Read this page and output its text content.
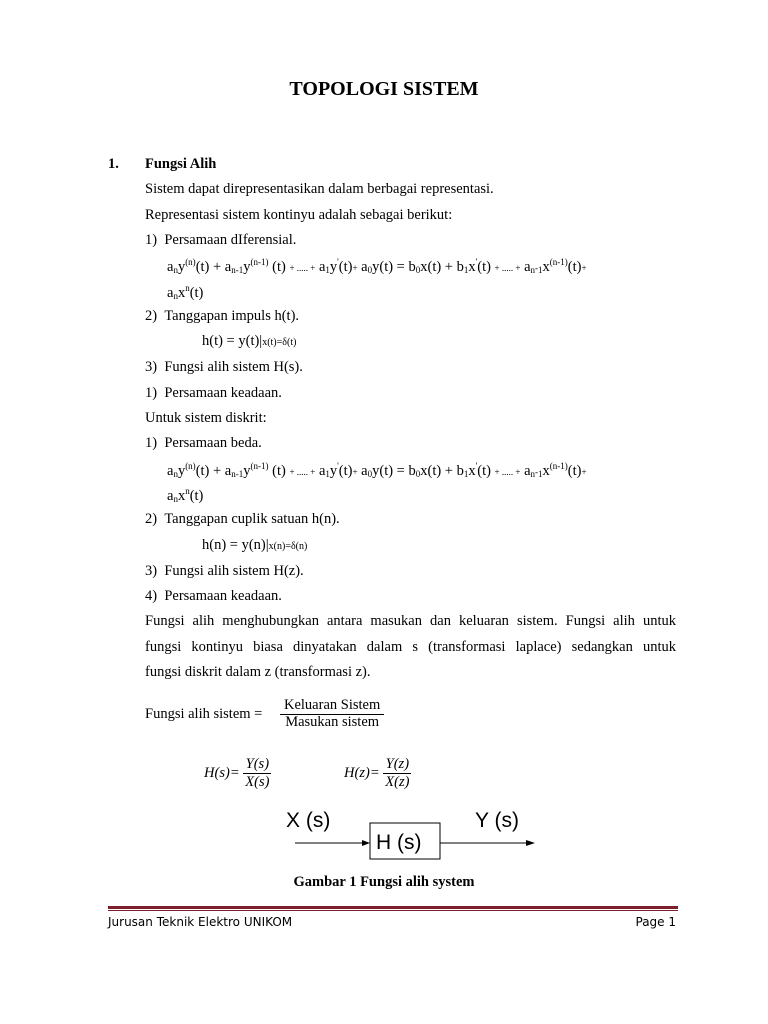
TOPOLOGI SISTEM
1. Fungsi Alih
Sistem dapat direpresentasikan dalam berbagai representasi.
Representasi sistem kontinyu adalah sebagai berikut:
1)  Persamaan dIferensial.
$a_ny^{(n)}(t) + a_{n-1}y^{(n-1)}$ (t) + ..... + $a_1y'(t)+ a_0y(t) = b_0x(t) + b_1x'(t)$ + ..... + $a_n-_1x^{(n-1)}(t)+$
$a_nx^n(t)$
2)  Tanggapan impuls h(t).
h(t) = y(t)|x(t)=δ(t)
3)  Fungsi alih sistem H(s).
1)  Persamaan keadaan.
Untuk sistem diskrit:
1)  Persamaan beda.
$a_ny^{(n)}(t) + a_{n-1}y^{(n-1)}$ (t) + ..... + $a_1y'(t)+ a_0y(t) = b_0x(t) + b_1x'(t)$ + ..... + $a_n-_1x^{(n-1)}(t)+$
$a_nx^n(t)$
2)  Tanggapan cuplik satuan h(n).
h(n) = y(n)|x(n)=δ(n)
3)  Fungsi alih sistem H(z).
4)  Persamaan keadaan.
Fungsi alih menghubungkan antara masukan dan keluaran sistem. Fungsi alih untuk
fungsi kontinyu biasa dinyatakan dalam s (transformasi laplace) sedangkan untuk
fungsi diskrit dalam z (transformasi z).
Fungsi alih sistem =
Keluaran Sistem
Masukan sistem
$H(s)= \frac{Y(s)}{X(s)}$	$H(z)= \frac{Y(z)}{X(z)}$
X (s)
H (s)
Y (s)
Gambar 1 Fungsi alih system
Jurusan Teknik Elektro UNIKOM	Page 1
